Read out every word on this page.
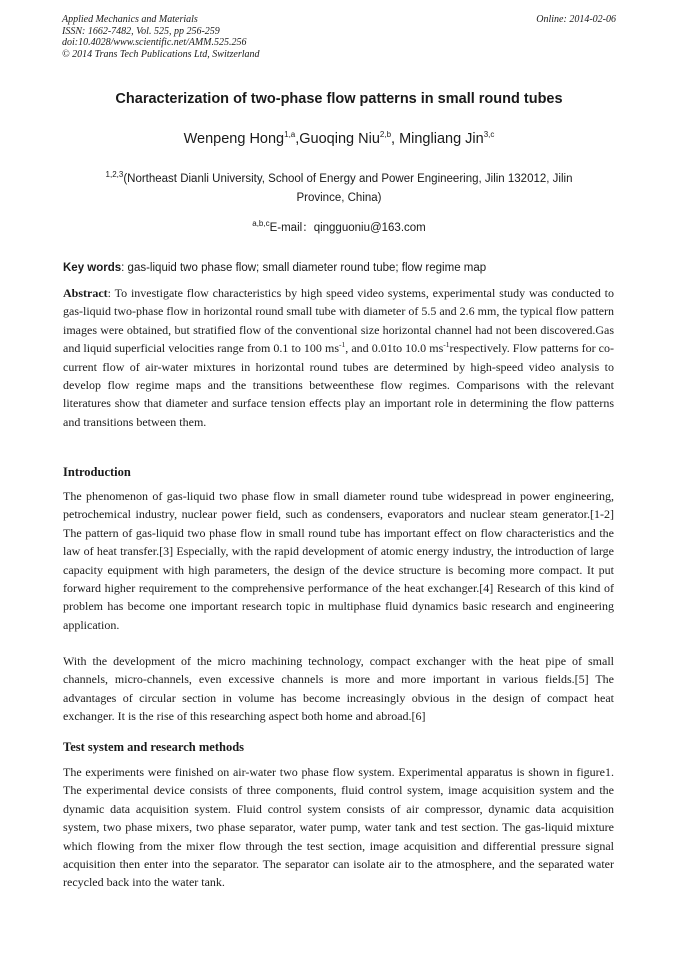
Applied Mechanics and Materials
ISSN: 1662-7482, Vol. 525, pp 256-259
doi:10.4028/www.scientific.net/AMM.525.256
© 2014 Trans Tech Publications Ltd, Switzerland
Online: 2014-02-06
Characterization of two-phase flow patterns in small round tubes
Wenpeng Hong$^{1,a}$,Guoqing Niu$^{2,b}$, Mingliang Jin$^{3,c}$
$^{1,2,3}$(Northeast Dianli University, School of Energy and Power Engineering, Jilin 132012, Jilin Province, China)
$^{a,b,c}$E-mail：qingguoniu@163.com
Key words: gas-liquid two phase flow; small diameter round tube; flow regime map
Abstract: To investigate flow characteristics by high speed video systems, experimental study was conducted to gas-liquid two-phase flow in horizontal round small tube with diameter of 5.5 and 2.6 mm, the typical flow pattern images were obtained, but stratified flow of the conventional size horizontal channel had not been discovered.Gas and liquid superficial velocities range from 0.1 to 100 $ms^{-1}$, and 0.01to 10.0 $ms^{-1}respectively$. Flow patterns for co-current flow of air-water mixtures in horizontal round tubes are determined by high-speed video analysis to develop flow regime maps and the transitions betweenthese flow regimes. Comparisons with the relevant literatures show that diameter and surface tension effects play an important role in determining the flow patterns and transitions between them.
Introduction
The phenomenon of gas-liquid two phase flow in small diameter round tube widespread in power engineering, petrochemical industry, nuclear power field, such as condensers, evaporators and nuclear steam generator.[1-2] The pattern of gas-liquid two phase flow in small round tube has important effect on flow characteristics and the law of heat transfer.[3] Especially, with the rapid development of atomic energy industry, the introduction of large capacity equipment with high parameters, the design of the device structure is becoming more compact. It put forward higher requirement to the comprehensive performance of the heat exchanger.[4] Research of this kind of problem has become one important research topic in multiphase fluid dynamics basic research and engineering application.
With the development of the micro machining technology, compact exchanger with the heat pipe of small channels, micro-channels, even excessive channels is more and more important in various fields.[5] The advantages of circular section in volume has become increasingly obvious in the design of compact heat exchanger. It is the rise of this researching aspect both home and abroad.[6]
Test system and research methods
The experiments were finished on air-water two phase flow system. Experimental apparatus is shown in figure1. The experimental device consists of three components, fluid control system, image acquisition system and the dynamic data acquisition system. Fluid control system consists of air compressor, dynamic data acquisition system, two phase mixers, two phase separator, water pump, water tank and test section. The gas-liquid mixture which flowing from the mixer flow through the test section, image acquisition and differential pressure signal acquisition then enter into the separator. The separator can isolate air to the atmosphere, and the separated water recycled back into the water tank.
